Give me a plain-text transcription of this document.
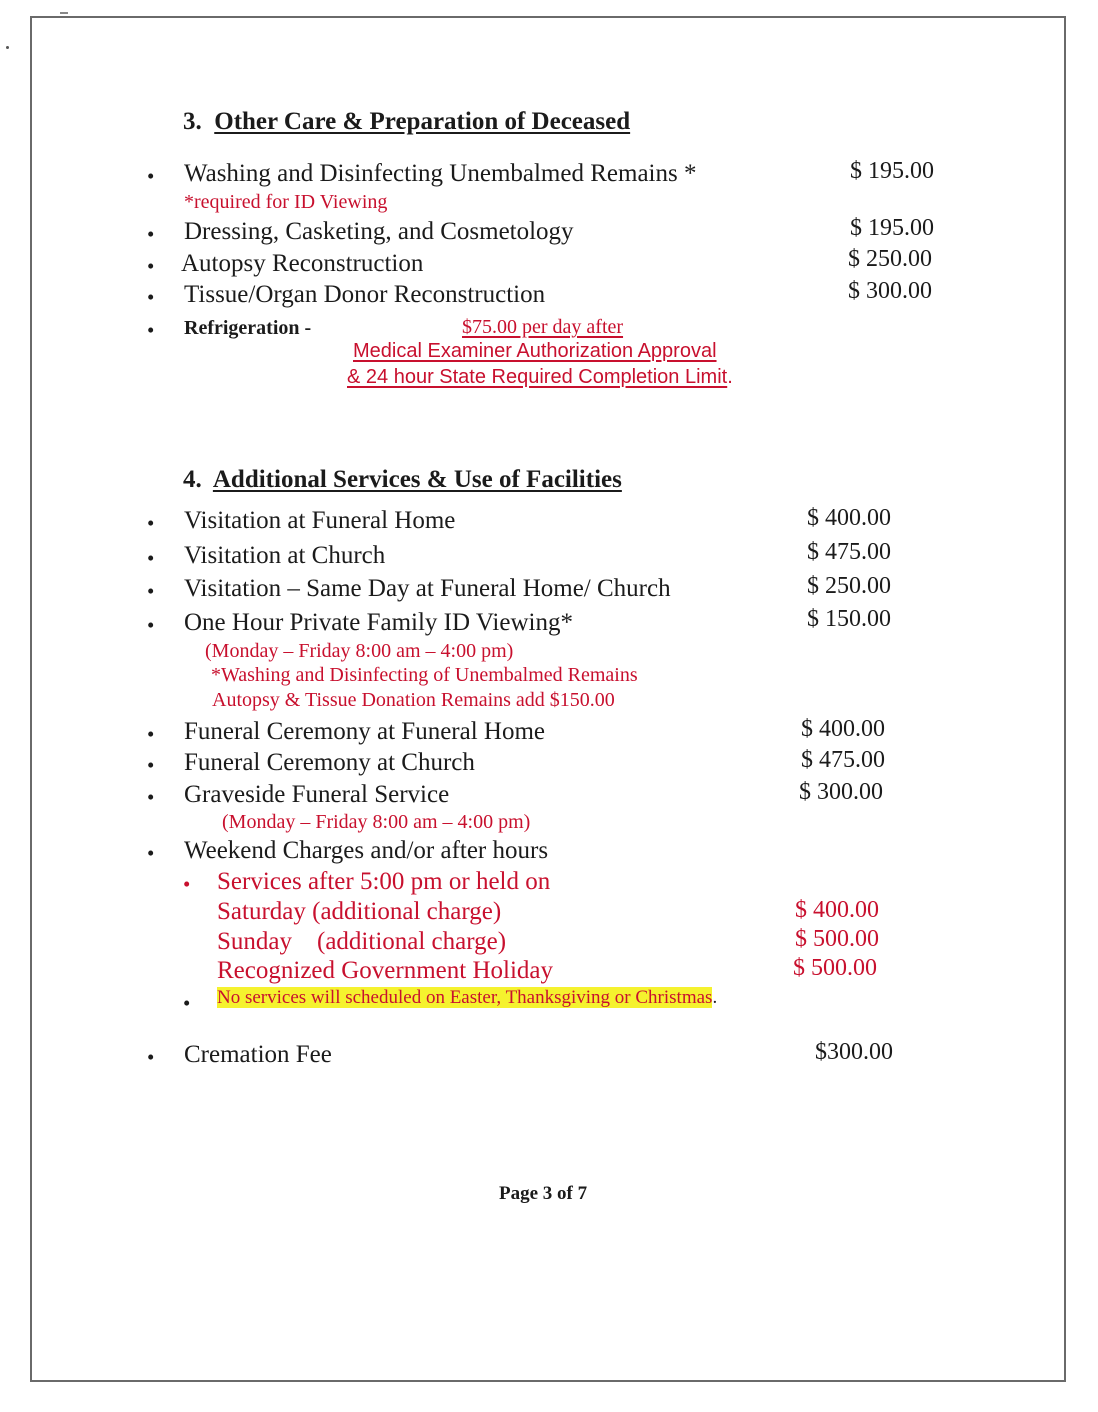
3. Other Care & Preparation of Deceased
• Washing and Disinfecting Unembalmed Remains *	$ 195.00
*required for ID Viewing
• Dressing, Casketing, and Cosmetology	$ 195.00
• Autopsy Reconstruction	$ 250.00
• Tissue/Organ Donor Reconstruction	$ 300.00
• Refrigeration -	$75.00 per day after
Medical Examiner Authorization Approval
& 24 hour State Required Completion Limit.
4. Additional Services & Use of Facilities
• Visitation at Funeral Home	$ 400.00
• Visitation at Church	$ 475.00
• Visitation – Same Day at Funeral Home/ Church	$ 250.00
• One Hour Private Family ID Viewing*	$ 150.00
(Monday – Friday 8:00 am – 4:00 pm)
*Washing and Disinfecting of Unembalmed Remains
Autopsy & Tissue Donation Remains add $150.00
• Funeral Ceremony at Funeral Home	$ 400.00
• Funeral Ceremony at Church	$ 475.00
• Graveside Funeral Service	$ 300.00
(Monday – Friday 8:00 am – 4:00 pm)
• Weekend Charges and/or after hours
• Services after 5:00 pm or held on
Saturday (additional charge)	$ 400.00
Sunday    (additional charge)	$ 500.00
Recognized Government Holiday	$ 500.00
• No services will scheduled on Easter, Thanksgiving or Christmas.
• Cremation Fee	$300.00
Page 3 of 7
